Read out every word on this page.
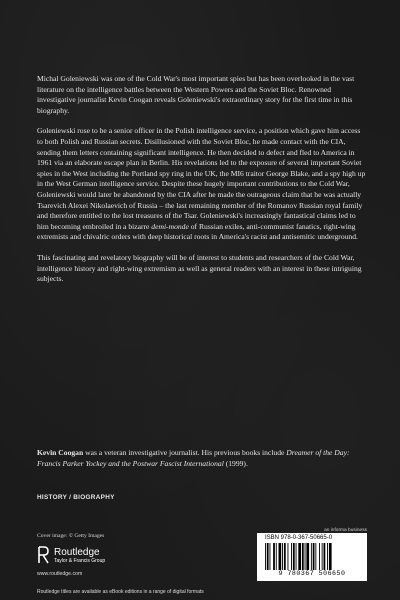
Michal Goleniewski was one of the Cold War's most important spies but has been overlooked in the vast literature on the intelligence battles between the Western Powers and the Soviet Bloc. Renowned investigative journalist Kevin Coogan reveals Goleniewski's extraordinary story for the first time in this biography.

Goleniewski rose to be a senior officer in the Polish intelligence service, a position which gave him access to both Polish and Russian secrets. Disillusioned with the Soviet Bloc, he made contact with the CIA, sending them letters containing significant intelligence. He then decided to defect and fled to America in 1961 via an elaborate escape plan in Berlin. His revelations led to the exposure of several important Soviet spies in the West including the Portland spy ring in the UK, the MI6 traitor George Blake, and a spy high up in the West German intelligence service. Despite these hugely important contributions to the Cold War, Goleniewski would later be abandoned by the CIA after he made the outrageous claim that he was actually Tsarevich Alexei Nikolaevich of Russia – the last remaining member of the Romanov Russian royal family and therefore entitled to the lost treasures of the Tsar. Goleniewski's increasingly fantastical claims led to him becoming embroiled in a bizarre demi-monde of Russian exiles, anti-communist fanatics, right-wing extremists and chivalric orders with deep historical roots in America's racist and antisemitic underground.

This fascinating and revelatory biography will be of interest to students and researchers of the Cold War, intelligence history and right-wing extremism as well as general readers with an interest in these intriguing subjects.

Kevin Coogan was a veteran investigative journalist. His previous books include Dreamer of the Day: Francis Parker Yockey and the Postwar Fascist International (1999).
HISTORY / BIOGRAPHY
Cover image: © Getty Images
Routledge
Taylor & Francis Group
www.routledge.com
Routledge titles are available as eBook editions in a range of digital formats
an informa business
ISBN 978-0-367-50665-0
9 780367 506650
